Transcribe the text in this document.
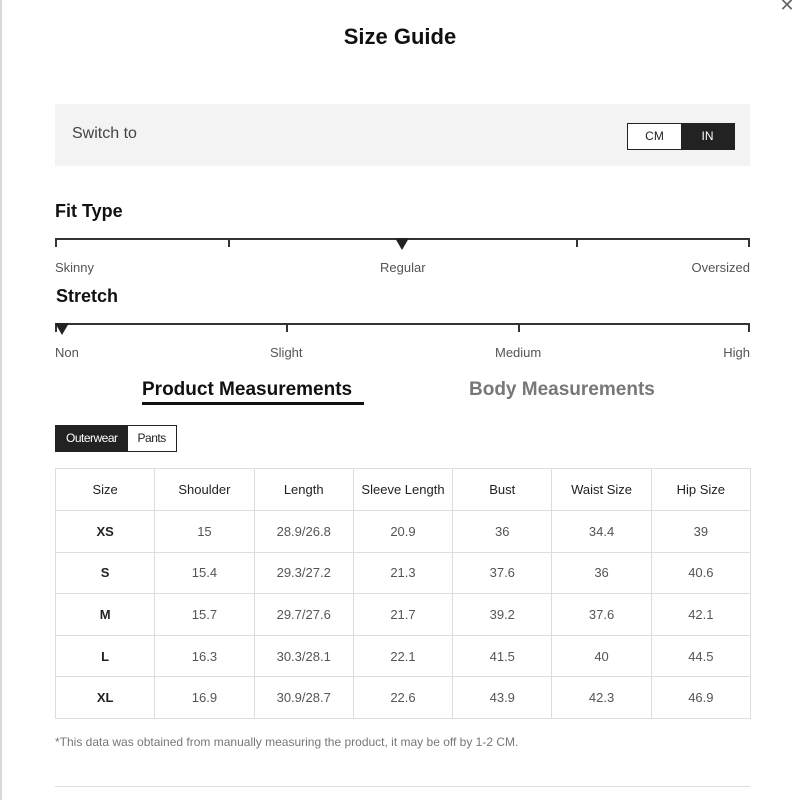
✕
Size Guide
Switch to	CM	IN
Fit Type
Skinny	Regular	Oversized
Stretch
Non	Slight	Medium	High
Product Measurements	Body Measurements
Outerwear	Pants
Size	Shoulder	Length	Sleeve Length	Bust	Waist Size	Hip Size
XS	15	28.9/26.8	20.9	36	34.4	39
S	15.4	29.3/27.2	21.3	37.6	36	40.6
M	15.7	29.7/27.6	21.7	39.2	37.6	42.1
L	16.3	30.3/28.1	22.1	41.5	40	44.5
XL	16.9	30.9/28.7	22.6	43.9	42.3	46.9
*This data was obtained from manually measuring the product, it may be off by 1-2 CM.
